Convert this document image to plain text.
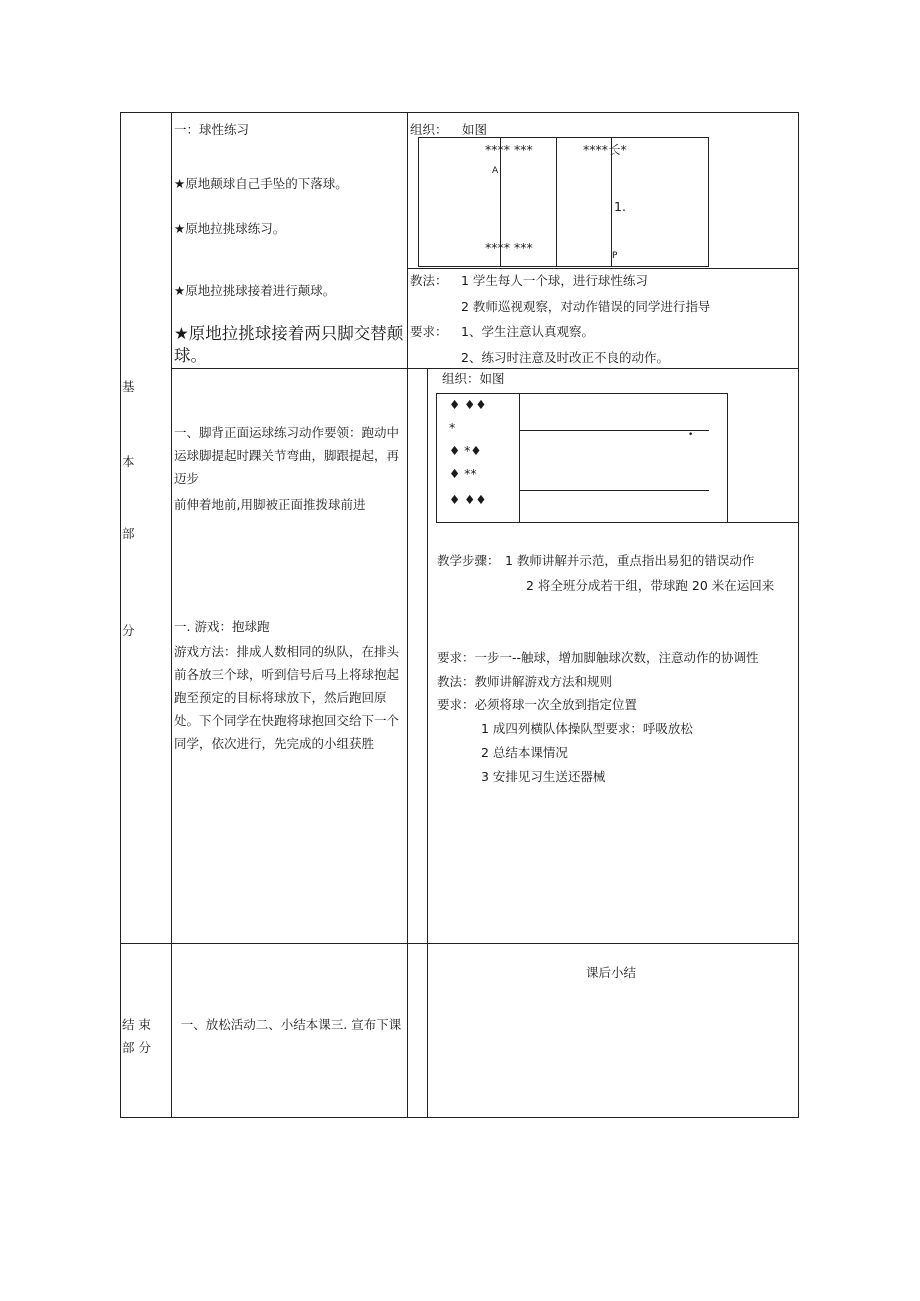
基
本
部
分
结束部分
一：球性练习
★原地颠球自己手坠的下落球。
★原地拉挑球练习。
★原地拉挑球接着进行颠球。
★原地拉挑球接着两只脚交替颠球。
组织： 如图
**** ***	****长*
A
1.
**** ***
P
教法： 1 学生每人一个球，进行球性练习
2 教师巡视观察，对动作错误的同学进行指导
要求： 1、学生注意认真观察。
2、练习时注意及时改正不良的动作。
一、脚背正面运球练习动作要领：跑动中运球脚提起时踝关节弯曲，脚跟提起，再迈步
前伸着地前,用脚被正面推拨球前进
一. 游戏：抱球跑
游戏方法：排成人数相同的纵队，在排头前各放三个球，听到信号后马上将球抱起跑至预定的目标将球放下，然后跑回原处。下个同学在快跑将球抱回交给下一个同学，依次进行，先完成的小组获胜
组织：如图
♦ ♦♦
*
♦ *♦
♦ **
♦ ♦♦
•
教学步骤： 1 教师讲解并示范，重点指出易犯的错误动作
2 将全班分成若干组，带球跑 20 米在运回来
要求：一步一--触球，增加脚触球次数，注意动作的协调性
教法：教师讲解游戏方法和规则
要求：必须将球一次全放到指定位置
1 成四列横队体操队型要求：呼吸放松
2 总结本课情况
3 安排见习生送还器械
一、放松活动二、小结本课三. 宣布下课
课后小结
